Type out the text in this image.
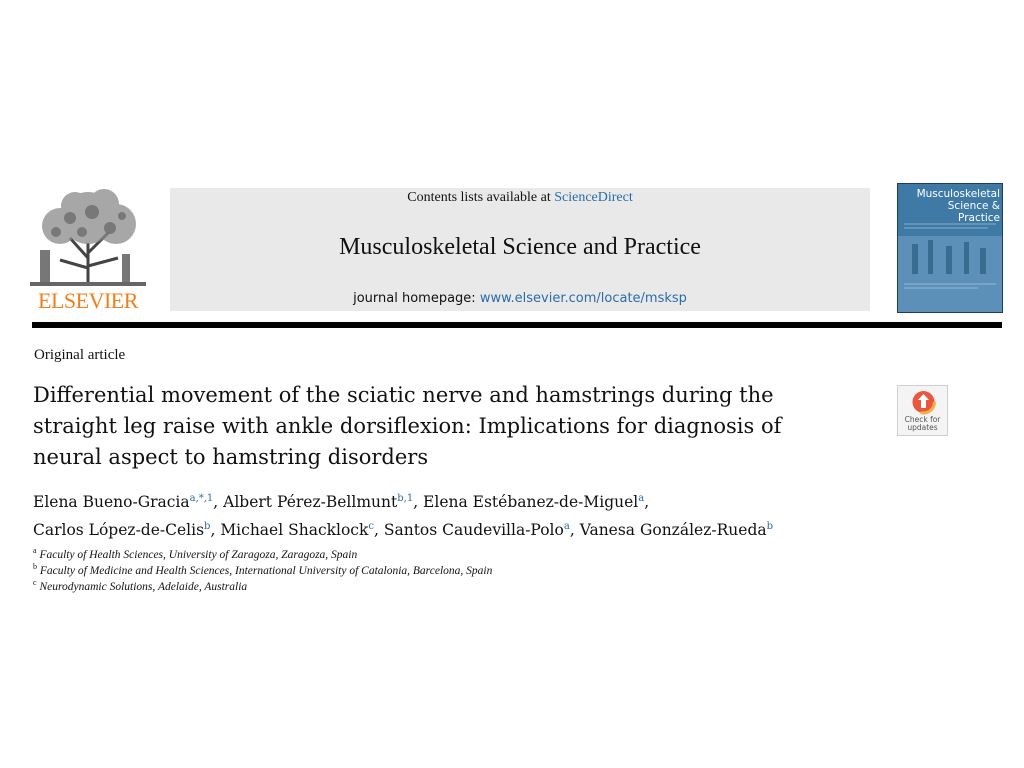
ELSEVIER
Contents lists available at ScienceDirect
Musculoskeletal Science and Practice
journal homepage: www.elsevier.com/locate/msksp
Musculoskeletal
Science & Practice
Original article
Differential movement of the sciatic nerve and hamstrings during the straight leg raise with ankle dorsiflexion: Implications for diagnosis of neural aspect to hamstring disorders
Check for
updates
Elena Bueno-Gracia$^{a,*,1}$, Albert Pérez-Bellmunt$^{b,1}$, Elena Estébanez-de-Miguel$^a$,
Carlos López-de-Celis$^b$, Michael Shacklock$^c$, Santos Caudevilla-Polo$^a$, Vanesa González-Rueda$^b$
$^a$ Faculty of Health Sciences, University of Zaragoza, Zaragoza, Spain
$^b$ Faculty of Medicine and Health Sciences, International University of Catalonia, Barcelona, Spain
$^c$ Neurodynamic Solutions, Adelaide, Australia
